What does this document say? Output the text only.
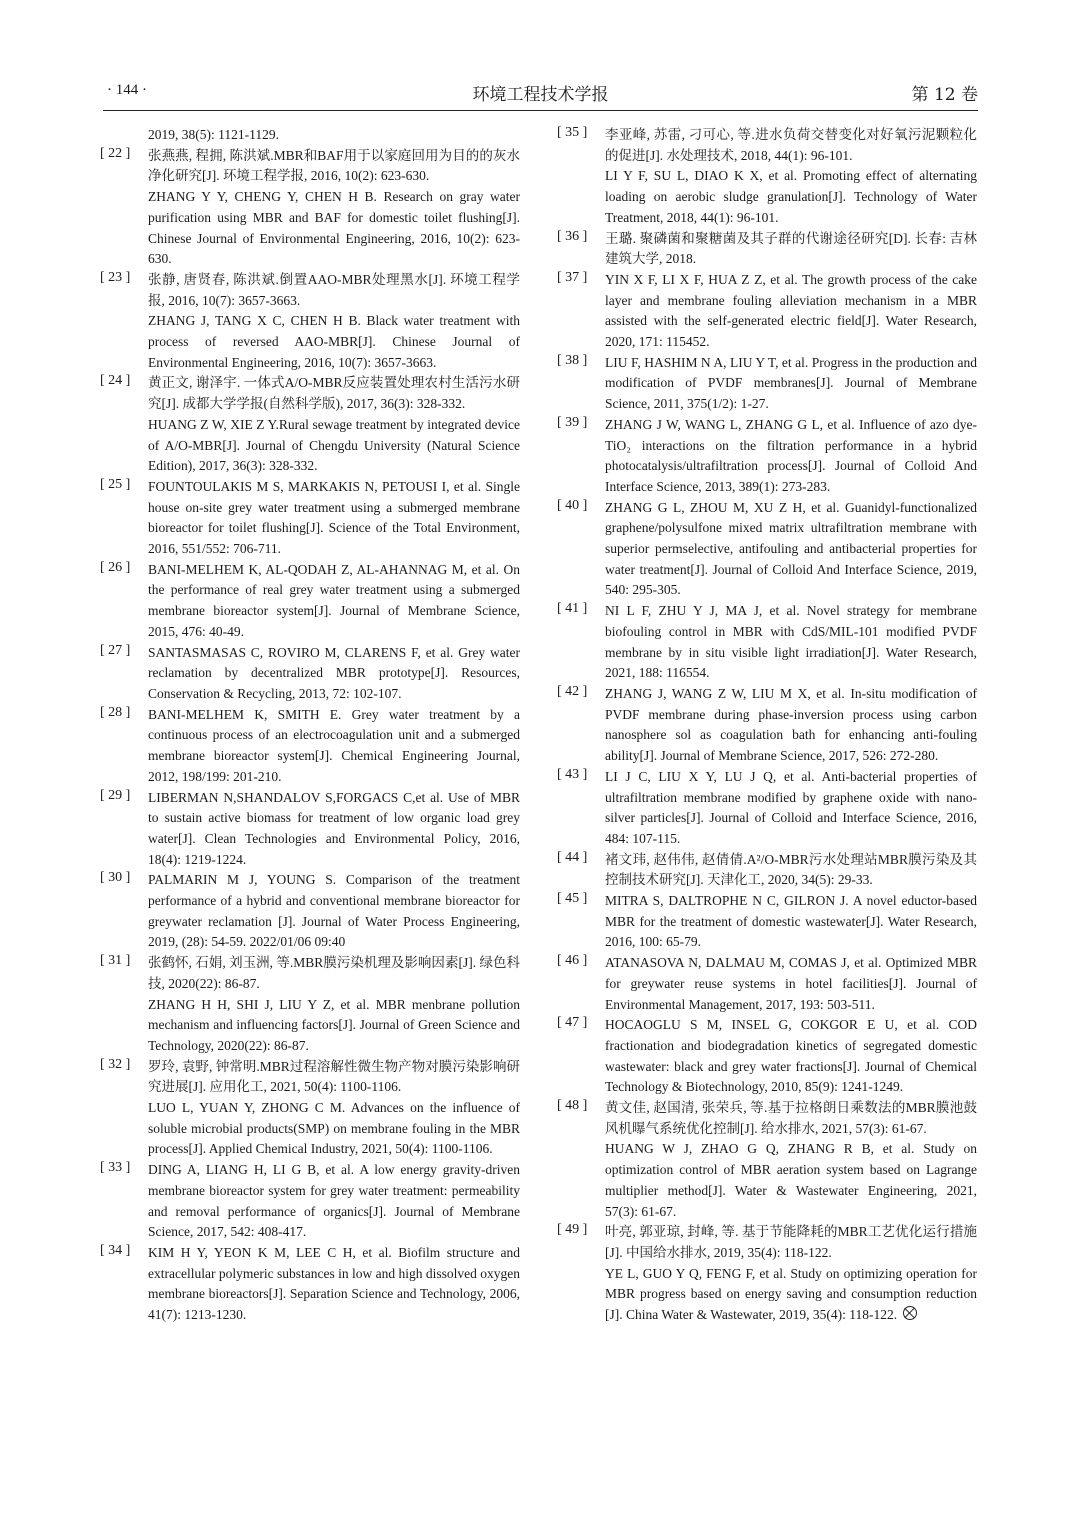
· 144 ·	环境工程技术学报	第 12 卷

2019, 38(5): 1121-1129.

[ 22 ]	张燕燕, 程拥, 陈洪斌.MBR和BAF用于以家庭回用为目的的灰水净化研究[J]. 环境工程学报, 2016, 10(2): 623-630.

ZHANG Y Y, CHENG Y, CHEN H B. Research on gray water purification using MBR and BAF for domestic toilet flushing[J]. Chinese Journal of Environmental Engineering, 2016, 10(2): 623-630.

[ 23 ]	张静, 唐贤春, 陈洪斌.倒置AAO-MBR处理黑水[J]. 环境工程学报, 2016, 10(7): 3657-3663.

ZHANG J, TANG X C, CHEN H B. Black water treatment with process of reversed AAO-MBR[J]. Chinese Journal of Environmental Engineering, 2016, 10(7): 3657-3663.

[ 24 ]	黄正文, 谢泽宇. 一体式A/O-MBR反应装置处理农村生活污水研究[J]. 成都大学学报(自然科学版), 2017, 36(3): 328-332.

HUANG Z W, XIE Z Y.Rural sewage treatment by integrated device of A/O-MBR[J]. Journal of Chengdu University (Natural Science Edition), 2017, 36(3): 328-332.

[ 25 ]	FOUNTOULAKIS M S, MARKAKIS N, PETOUSI I, et al. Single house on-site grey water treatment using a submerged membrane bioreactor for toilet flushing[J]. Science of the Total Environment, 2016, 551/552: 706-711.

[ 26 ]	BANI-MELHEM K, AL-QODAH Z, AL-AHANNAG M, et al. On the performance of real grey water treatment using a submerged membrane bioreactor system[J]. Journal of Membrane Science, 2015, 476: 40-49.

[ 27 ]	SANTASMASAS C, ROVIRO M, CLARENS F, et al. Grey water reclamation by decentralized MBR prototype[J]. Resources, Conservation & Recycling, 2013, 72: 102-107.

[ 28 ]	BANI-MELHEM K, SMITH E. Grey water treatment by a continuous process of an electrocoagulation unit and a submerged membrane bioreactor system[J]. Chemical Engineering Journal, 2012, 198/199: 201-210.

[ 29 ]	LIBERMAN N,SHANDALOV S,FORGACS C,et al. Use of MBR to sustain active biomass for treatment of low organic load grey water[J]. Clean Technologies and Environmental Policy, 2016, 18(4): 1219-1224.

[ 30 ]	PALMARIN M J, YOUNG S. Comparison of the treatment performance of a hybrid and conventional membrane bioreactor for greywater reclamation [J]. Journal of Water Process Engineering, 2019, (28): 54-59. 2022/01/06 09:40

[ 31 ]	张鹤怀, 石娟, 刘玉洲, 等.MBR膜污染机理及影响因素[J]. 绿色科技, 2020(22): 86-87.

ZHANG H H, SHI J, LIU Y Z, et al. MBR menbrane pollution mechanism and influencing factors[J]. Journal of Green Science and Technology, 2020(22): 86-87.

[ 32 ]	罗玲, 袁野, 钟常明.MBR过程溶解性微生物产物对膜污染影响研究进展[J]. 应用化工, 2021, 50(4): 1100-1106.

LUO L, YUAN Y, ZHONG C M. Advances on the influence of soluble microbial products(SMP) on membrane fouling in the MBR process[J]. Applied Chemical Industry, 2021, 50(4): 1100-1106.

[ 33 ]	DING A, LIANG H, LI G B, et al. A low energy gravity-driven membrane bioreactor system for grey water treatment: permeability and removal performance of organics[J]. Journal of Membrane Science, 2017, 542: 408-417.

[ 34 ]	KIM H Y, YEON K M, LEE C H, et al. Biofilm structure and extracellular polymeric substances in low and high dissolved oxygen membrane bioreactors[J]. Separation Science and Technology, 2006, 41(7): 1213-1230.

[ 35 ]	李亚峰, 苏雷, 刁可心, 等.进水负荷交替变化对好氧污泥颗粒化的促进[J]. 水处理技术, 2018, 44(1): 96-101.

LI Y F, SU L, DIAO K X, et al. Promoting effect of alternating loading on aerobic sludge granulation[J]. Technology of Water Treatment, 2018, 44(1): 96-101.

[ 36 ]	王璐. 聚磷菌和聚糖菌及其子群的代谢途径研究[D]. 长春: 吉林建筑大学, 2018.

[ 37 ]	YIN X F, LI X F, HUA Z Z, et al. The growth process of the cake layer and membrane fouling alleviation mechanism in a MBR assisted with the self-generated electric field[J]. Water Research, 2020, 171: 115452.

[ 38 ]	LIU F, HASHIM N A, LIU Y T, et al. Progress in the production and modification of PVDF membranes[J]. Journal of Membrane Science, 2011, 375(1/2): 1-27.

[ 39 ]	ZHANG J W, WANG L, ZHANG G L, et al. Influence of azo dye-TiO₂ interactions on the filtration performance in a hybrid photocatalysis/ultrafiltration process[J]. Journal of Colloid And Interface Science, 2013, 389(1): 273-283.

[ 40 ]	ZHANG G L, ZHOU M, XU Z H, et al. Guanidyl-functionalized graphene/polysulfone mixed matrix ultrafiltration membrane with superior permselective, antifouling and antibacterial properties for water treatment[J]. Journal of Colloid And Interface Science, 2019, 540: 295-305.

[ 41 ]	NI L F, ZHU Y J, MA J, et al. Novel strategy for membrane biofouling control in MBR with CdS/MIL-101 modified PVDF membrane by in situ visible light irradiation[J]. Water Research, 2021, 188: 116554.

[ 42 ]	ZHANG J, WANG Z W, LIU M X, et al. In-situ modification of PVDF membrane during phase-inversion process using carbon nanosphere sol as coagulation bath for enhancing anti-fouling ability[J]. Journal of Membrane Science, 2017, 526: 272-280.

[ 43 ]	LI J C, LIU X Y, LU J Q, et al. Anti-bacterial properties of ultrafiltration membrane modified by graphene oxide with nano-silver particles[J]. Journal of Colloid and Interface Science, 2016, 484: 107-115.

[ 44 ]	褚文玮, 赵伟伟, 赵倩倩.A²/O-MBR污水处理站MBR膜污染及其控制技术研究[J]. 天津化工, 2020, 34(5): 29-33.

[ 45 ]	MITRA S, DALTROPHE N C, GILRON J. A novel eductor-based MBR for the treatment of domestic wastewater[J]. Water Research, 2016, 100: 65-79.

[ 46 ]	ATANASOVA N, DALMAU M, COMAS J, et al. Optimized MBR for greywater reuse systems in hotel facilities[J]. Journal of Environmental Management, 2017, 193: 503-511.

[ 47 ]	HOCAOGLU S M, INSEL G, COKGOR E U, et al. COD fractionation and biodegradation kinetics of segregated domestic wastewater: black and grey water fractions[J]. Journal of Chemical Technology & Biotechnology, 2010, 85(9): 1241-1249.

[ 48 ]	黄文佳, 赵国清, 张荣兵, 等.基于拉格朗日乘数法的MBR膜池鼓风机曝气系统优化控制[J]. 给水排水, 2021, 57(3): 61-67.

HUANG W J, ZHAO G Q, ZHANG R B, et al. Study on optimization control of MBR aeration system based on Lagrange multiplier method[J]. Water & Wastewater Engineering, 2021, 57(3): 61-67.

[ 49 ]	叶亮, 郭亚琼, 封峰, 等. 基于节能降耗的MBR工艺优化运行措施[J]. 中国给水排水, 2019, 35(4): 118-122.

YE L, GUO Y Q, FENG F, et al. Study on optimizing operation for MBR progress based on energy saving and consumption reduction [J]. China Water & Wastewater, 2019, 35(4): 118-122.
